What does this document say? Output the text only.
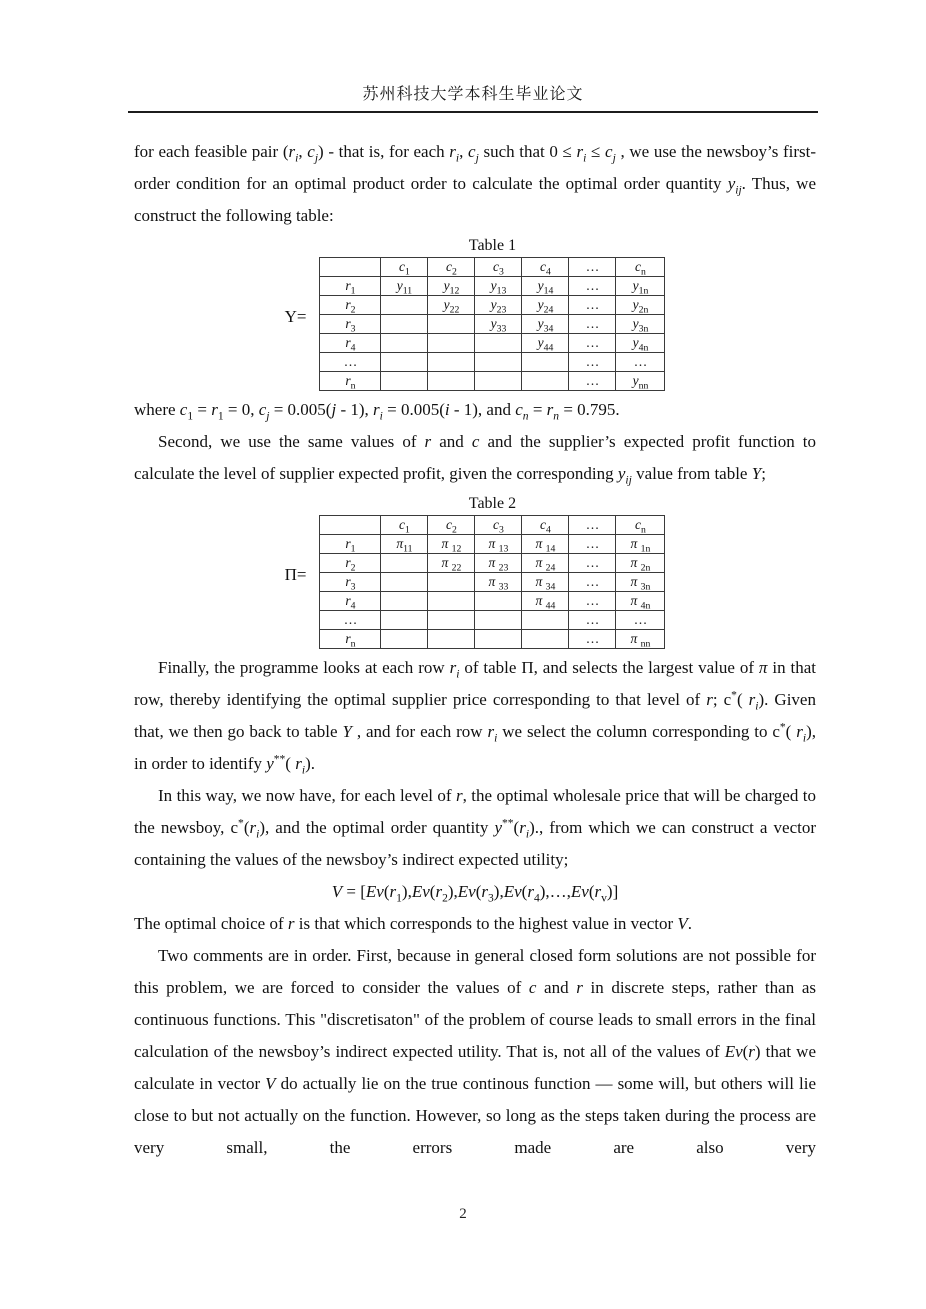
苏州科技大学本科生毕业论文

for each feasible pair ($r_i$, $c_j$) - that is, for each $r_i$, $c_j$ such that $0 \le r_i \le c_j$ , we use the newsboy’s first-order condition for an optimal product order to calculate the optimal order quantity $y_{ij}$. Thus, we construct the following table:

Y=
Table 1
	$c_1$	$c_2$	$c_3$	$c_4$	…	$c_n$
$r_1$	$y_{11}$	$y_{12}$	$y_{13}$	$y_{14}$	…	$y_{1n}$
$r_2$		$y_{22}$	$y_{23}$	$y_{24}$	…	$y_{2n}$
$r_3$			$y_{33}$	$y_{34}$	…	$y_{3n}$
$r_4$				$y_{44}$	…	$y_{4n}$
…					…	…
$r_n$					…	$y_{nn}$

where $c_1 = r_1 = 0$, $c_j = 0.005(j - 1)$, $r_i = 0.005(i - 1)$, and $c_n = r_n = 0.795$.

Second, we use the same values of r and c and the supplier’s expected profit function to calculate the level of supplier expected profit, given the corresponding $y_{ij}$ value from table Y;

Π=
Table 2
	$c_1$	$c_2$	$c_3$	$c_4$	…	$c_n$
$r_1$	$\pi_{11}$	π $_{12}$	π $_{13}$	π $_{14}$	…	π $_{1n}$
$r_2$		π $_{22}$	π $_{23}$	π $_{24}$	…	π $_{2n}$
$r_3$			π $_{33}$	π $_{34}$	…	π $_{3n}$
$r_4$				π $_{44}$	…	π $_{4n}$
…					…	…
$r_n$					…	π $_{nn}$

Finally, the programme looks at each row $r_i$ of table Π, and selects the largest value of π in that row, thereby identifying the optimal supplier price corresponding to that level of r; c*( $r_i$). Given that, we then go back to table Y , and for each row $r_i$ we select the column corresponding to c*( $r_i$), in order to identify y**( $r_i$).

In this way, we now have, for each level of r, the optimal wholesale price that will be charged to the newsboy, $c^*(r_i)$, and the optimal order quantity $y^{**}(r_i)$., from which we can construct a vector containing the values of the newsboy’s indirect expected utility;

$V = [Ev(r_1),Ev(r_2),Ev(r_3),Ev(r_4),\dots,Ev(r_v)]$

The optimal choice of r is that which corresponds to the highest value in vector V.

Two comments are in order. First, because in general closed form solutions are not possible for this problem, we are forced to consider the values of c and r in discrete steps, rather than as continuous functions. This "discretisaton" of the problem of course leads to small errors in the final calculation of the newsboy’s indirect expected utility. That is, not all of the values of Ev(r) that we calculate in vector V do actually lie on the true continous function — some will, but others will lie close to but not actually on the function. However, so long as the steps taken during the process are very small, the errors made are also very

2
